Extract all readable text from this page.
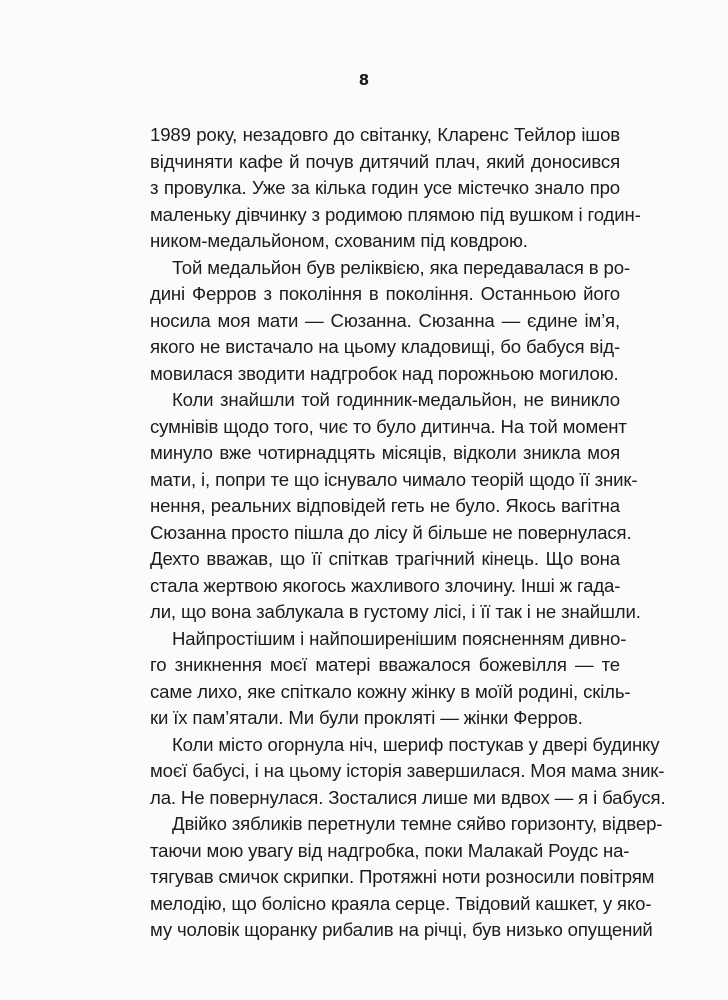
8
1989 року, незадовго до світанку, Кларенс Тейлор ішов
відчиняти кафе й почув дитячий плач, який доносився
з провулка. Уже за кілька годин усе містечко знало про
маленьку дівчинку з родимою плямою під вушком і годин-
ником-медальйоном, схованим під ковдрою.
Той медальйон був реліквією, яка передавалася в ро-
дині Ферров з покоління в покоління. Останньою його
носила моя мати — Сюзанна. Сюзанна — єдине ім’я,
якого не вистачало на цьому кладовищі, бо бабуся від-
мовилася зводити надгробок над порожньою могилою.
Коли знайшли той годинник-медальйон, не виникло
сумнівів щодо того, чиє то було дитинча. На той момент
минуло вже чотирнадцять місяців, відколи зникла моя
мати, і, попри те що існувало чимало теорій щодо її зник-
нення, реальних відповідей геть не було. Якось вагітна
Сюзанна просто пішла до лісу й більше не повернулася.
Дехто вважав, що її спіткав трагічний кінець. Що вона
стала жертвою якогось жахливого злочину. Інші ж гада-
ли, що вона заблукала в густому лісі, і її так і не знайшли.
Найпростішим і найпоширенішим поясненням дивно-
го зникнення моєї матері вважалося божевілля — те
саме лихо, яке спіткало кожну жінку в моїй родині, скіль-
ки їх пам’ятали. Ми були прокляті — жінки Ферров.
Коли місто огорнула ніч, шериф постукав у двері будинку
моєї бабусі, і на цьому історія завершилася. Моя мама зник-
ла. Не повернулася. Зосталися лише ми вдвох — я і бабуся.
Двійко зябликів перетнули темне сяйво горизонту, відвер-
таючи мою увагу від надгробка, поки Малакай Роудс на-
тягував смичок скрипки. Протяжні ноти розносили повітрям
мелодію, що болісно краяла серце. Твідовий кашкет, у яко-
му чоловік щоранку рибалив на річці, був низько опущений
